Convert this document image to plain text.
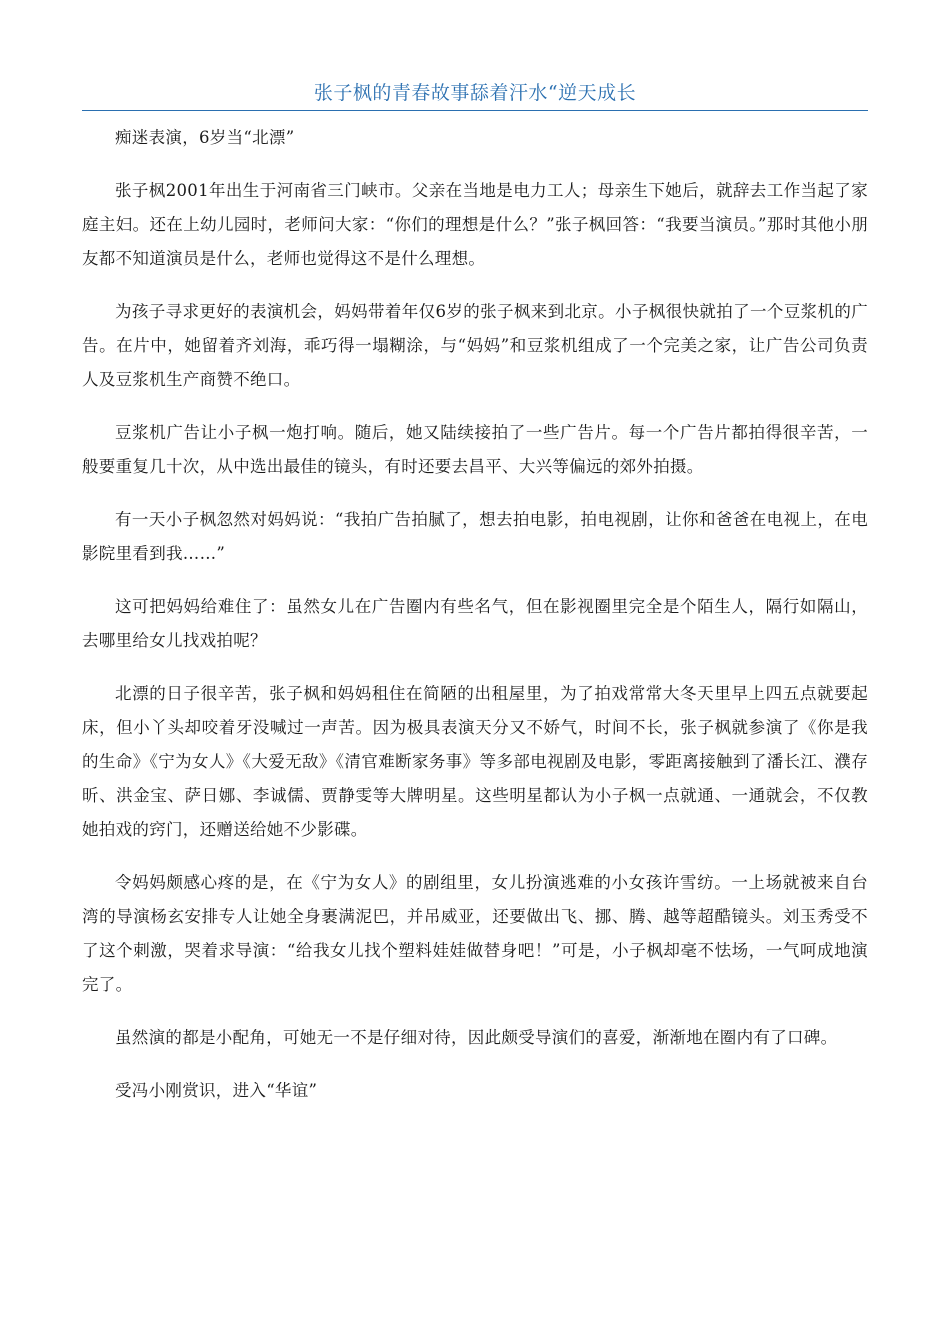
张子枫的青春故事舔着汗水“逆天成长

痴迷表演，6岁当“北漂”

张子枫2001年出生于河南省三门峡市。父亲在当地是电力工人；母亲生下她后，就辞去工作当起了家庭主妇。还在上幼儿园时，老师问大家：“你们的理想是什么？”张子枫回答：“我要当演员。”那时其他小朋友都不知道演员是什么，老师也觉得这不是什么理想。

为孩子寻求更好的表演机会，妈妈带着年仅6岁的张子枫来到北京。小子枫很快就拍了一个豆浆机的广告。在片中，她留着齐刘海，乖巧得一塌糊涂，与“妈妈”和豆浆机组成了一个完美之家，让广告公司负责人及豆浆机生产商赞不绝口。

豆浆机广告让小子枫一炮打响。随后，她又陆续接拍了一些广告片。每一个广告片都拍得很辛苦，一般要重复几十次，从中选出最佳的镜头，有时还要去昌平、大兴等偏远的郊外拍摄。

有一天小子枫忽然对妈妈说：“我拍广告拍腻了，想去拍电影，拍电视剧，让你和爸爸在电视上，在电影院里看到我……”

这可把妈妈给难住了：虽然女儿在广告圈内有些名气，但在影视圈里完全是个陌生人，隔行如隔山，去哪里给女儿找戏拍呢？

北漂的日子很辛苦，张子枫和妈妈租住在简陋的出租屋里，为了拍戏常常大冬天里早上四五点就要起床，但小丫头却咬着牙没喊过一声苦。因为极具表演天分又不娇气，时间不长，张子枫就参演了《你是我的生命》《宁为女人》《大爱无敌》《清官难断家务事》等多部电视剧及电影，零距离接触到了潘长江、濮存昕、洪金宝、萨日娜、李诚儒、贾静雯等大牌明星。这些明星都认为小子枫一点就通、一通就会，不仅教她拍戏的窍门，还赠送给她不少影碟。

令妈妈颇感心疼的是，在《宁为女人》的剧组里，女儿扮演逃难的小女孩许雪纺。一上场就被来自台湾的导演杨玄安排专人让她全身裹满泥巴，并吊威亚，还要做出飞、挪、腾、越等超酷镜头。刘玉秀受不了这个刺激，哭着求导演：“给我女儿找个塑料娃娃做替身吧！”可是，小子枫却毫不怯场，一气呵成地演完了。

虽然演的都是小配角，可她无一不是仔细对待，因此颇受导演们的喜爱，渐渐地在圈内有了口碑。

受冯小刚赏识，进入“华谊”
